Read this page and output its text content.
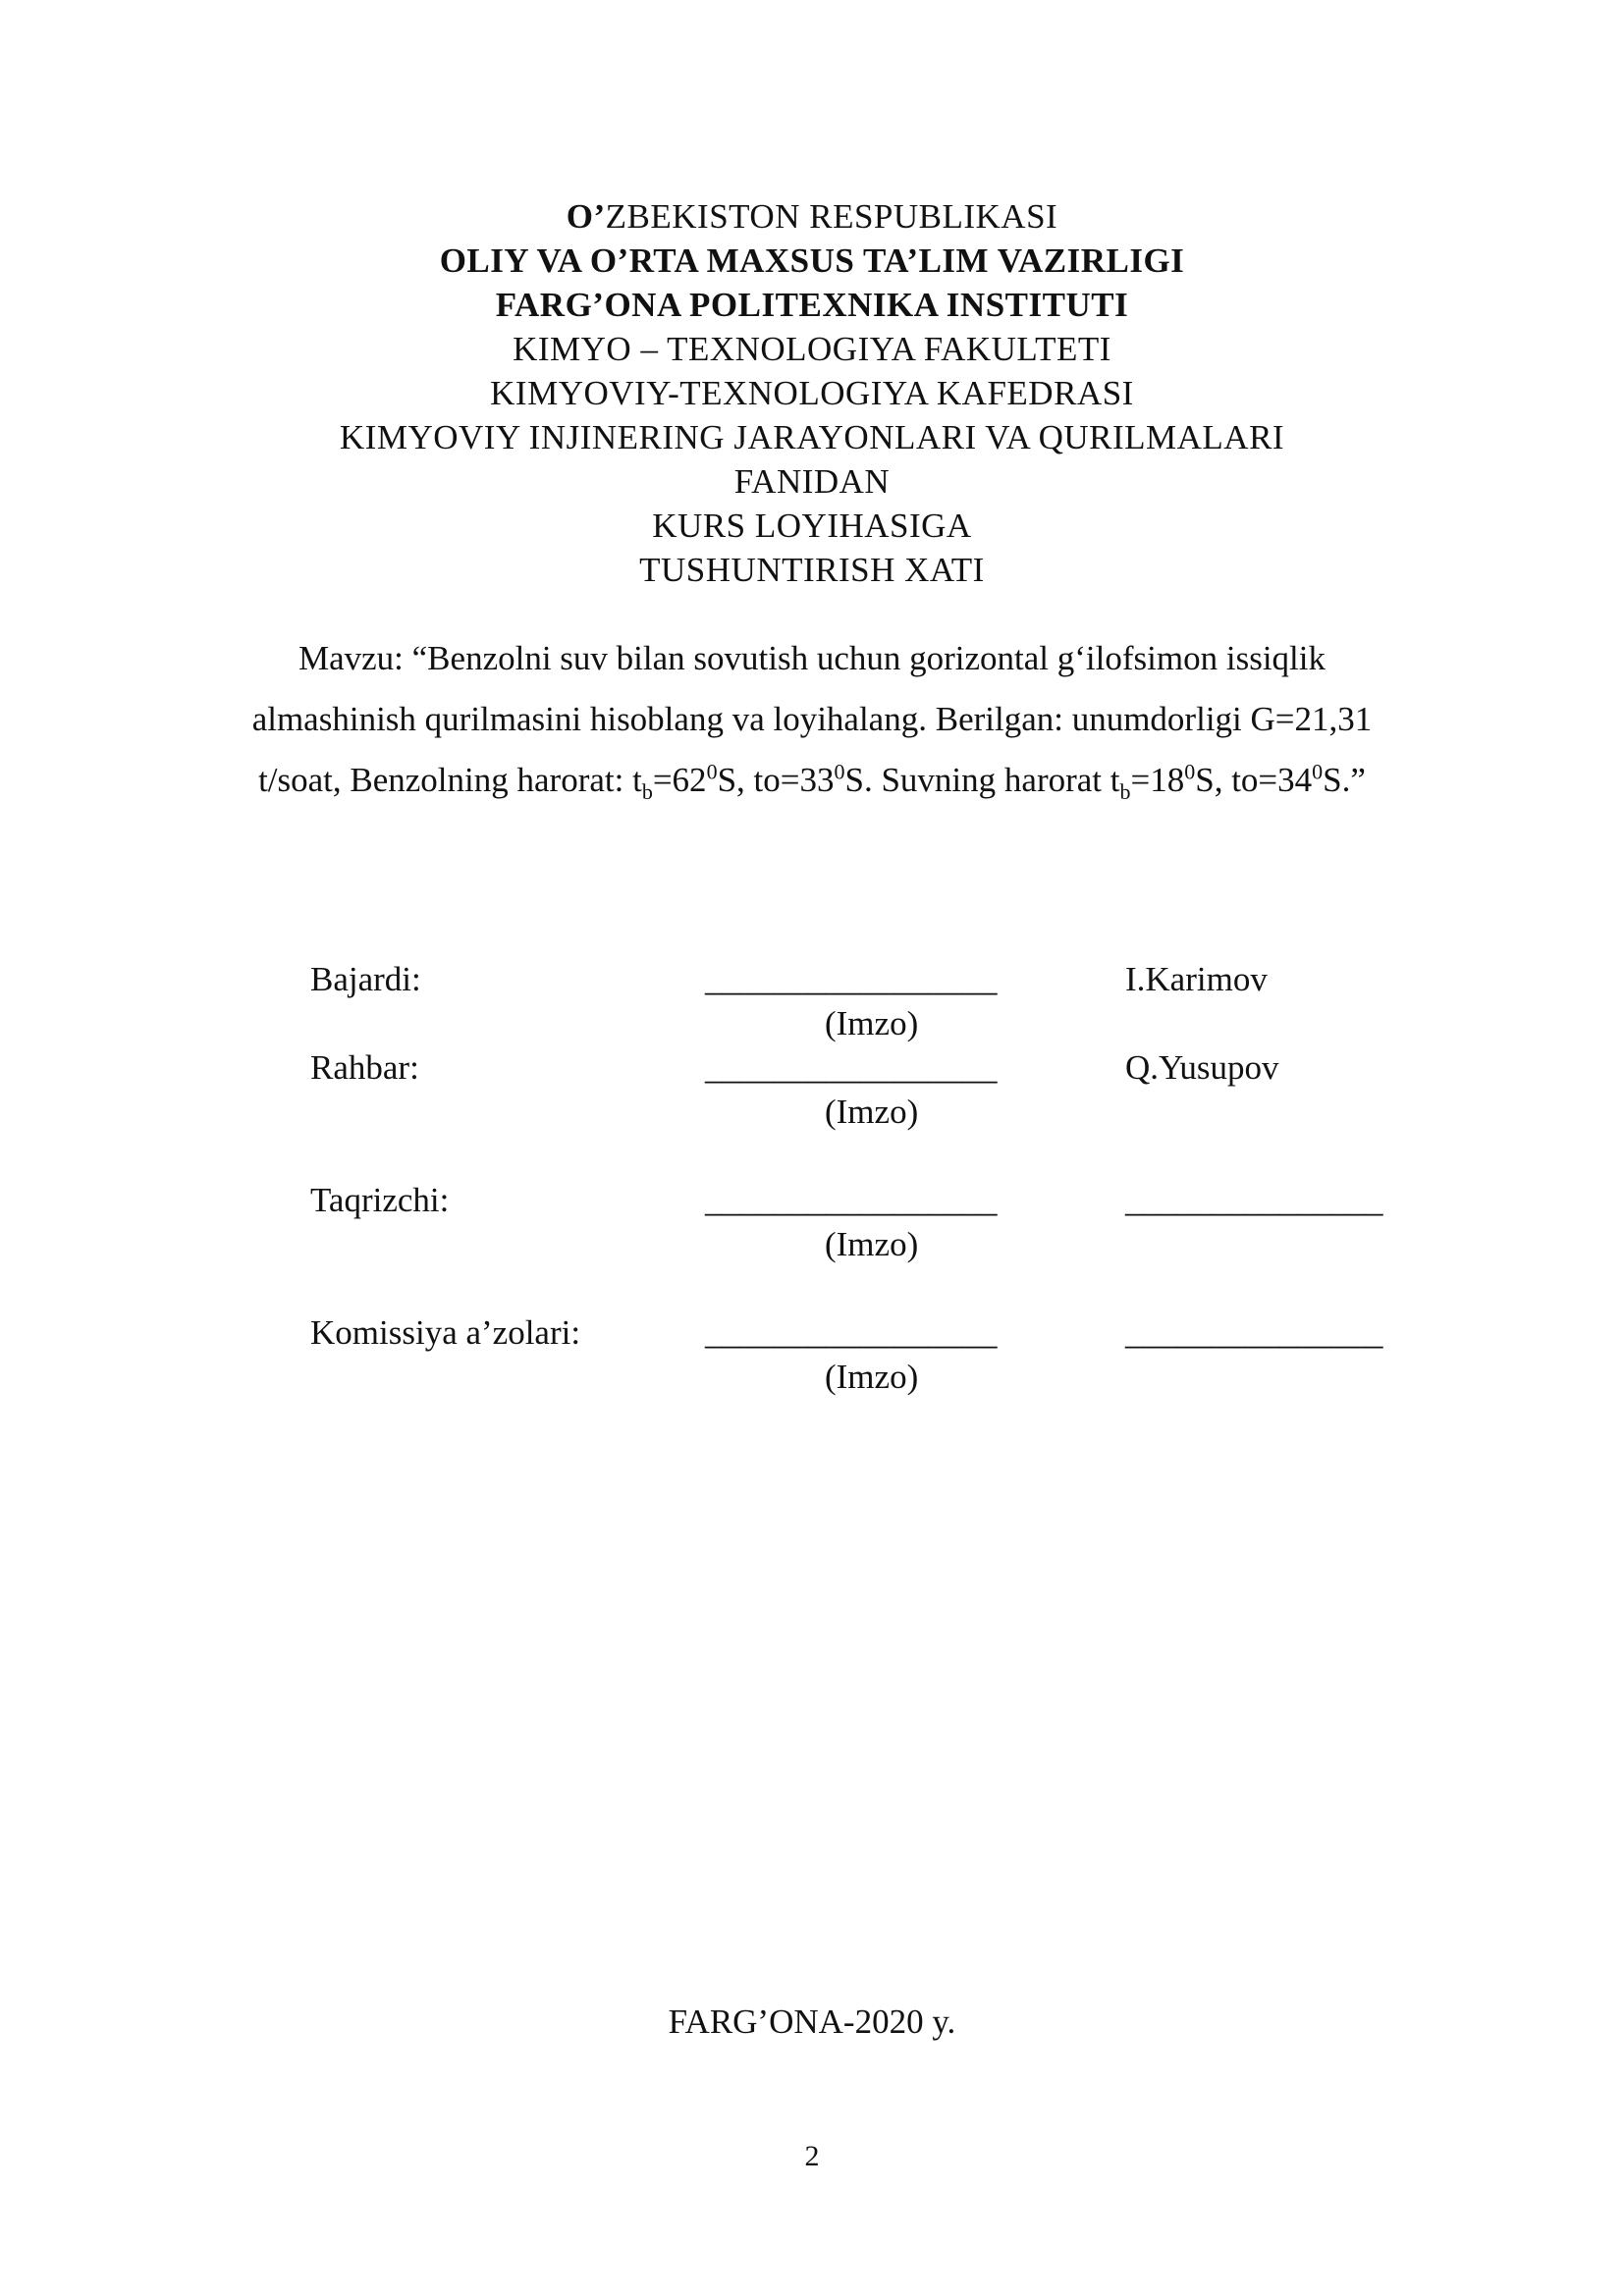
O’ZBEKISTON RESPUBLIKASI
OLIY VA O’RTA MAXSUS TA’LIM VAZIRLIGI
FARG’ONA POLITEXNIKA INSTITUTI
KIMYO – TEXNOLOGIYA FAKULTETI
KIMYOVIY-TEXNOLOGIYA KAFEDRASI
KIMYOVIY INJINERING JARAYONLARI VA QURILMALARI
FANIDAN
KURS LOYIHASIGA
TUSHUNTIRISH XATI
Mavzu: “Benzolni suv bilan sovutish uchun gorizontal g‘ilofsimon issiqlik
almashinish qurilmasini hisoblang va loyihalang. Berilgan: unumdorligi G=21,31
t/soat, Benzolning harorat: $t_b=62^0S$, $to=33^0S$. Suvning harorat $t_b=18^0S$, $to=34^0S$.”
Bajardi:	_________________	I.Karimov
(Imzo)
Rahbar:	_________________	Q.Yusupov
(Imzo)
Taqrizchi:	_________________	_______________
(Imzo)
Komissiya a’zolari:	_________________	_______________
(Imzo)
FARG’ONA-2020 y.
2
